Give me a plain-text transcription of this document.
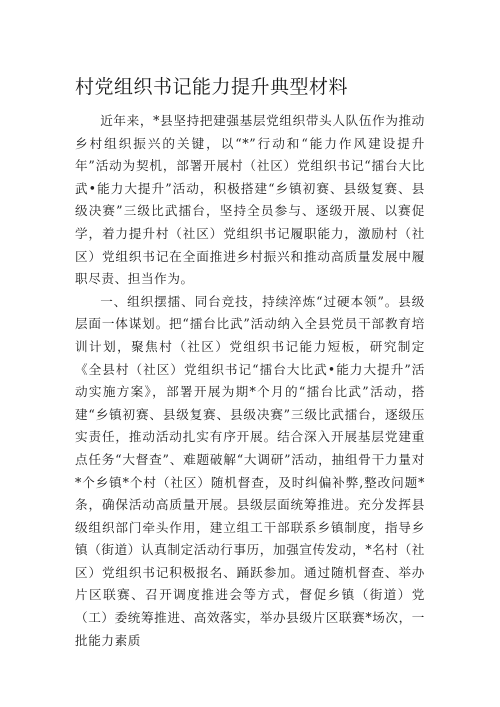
村党组织书记能力提升典型材料

近年来，*县坚持把建强基层党组织带头人队伍作为推动乡村组织振兴的关键，以“*”行动和“能力作风建设提升年”活动为契机，部署开展村（社区）党组织书记“擂台大比武•能力大提升”活动，积极搭建“乡镇初赛、县级复赛、县级决赛”三级比武擂台，坚持全员参与、逐级开展、以赛促学，着力提升村（社区）党组织书记履职能力，激励村（社区）党组织书记在全面推进乡村振兴和推动高质量发展中履职尽责、担当作为。

一、组织摆擂、同台竞技，持续淬炼“过硬本领”。县级层面一体谋划。把“擂台比武”活动纳入全县党员干部教育培训计划，聚焦村（社区）党组织书记能力短板，研究制定《全县村（社区）党组织书记“擂台大比武•能力大提升”活动实施方案》，部署开展为期*个月的“擂台比武”活动，搭建“乡镇初赛、县级复赛、县级决赛”三级比武擂台，逐级压实责任，推动活动扎实有序开展。结合深入开展基层党建重点任务“大督查”、难题破解“大调研”活动，抽组骨干力量对*个乡镇*个村（社区）随机督查，及时纠偏补弊,整改问题*条，确保活动高质量开展。县级层面统筹推进。充分发挥县级组织部门牵头作用，建立组工干部联系乡镇制度，指导乡镇（街道）认真制定活动行事历，加强宣传发动，*名村（社区）党组织书记积极报名、踊跃参加。通过随机督查、举办片区联赛、召开调度推进会等方式，督促乡镇（街道）党（工）委统筹推进、高效落实，举办县级片区联赛*场次，一批能力素质
